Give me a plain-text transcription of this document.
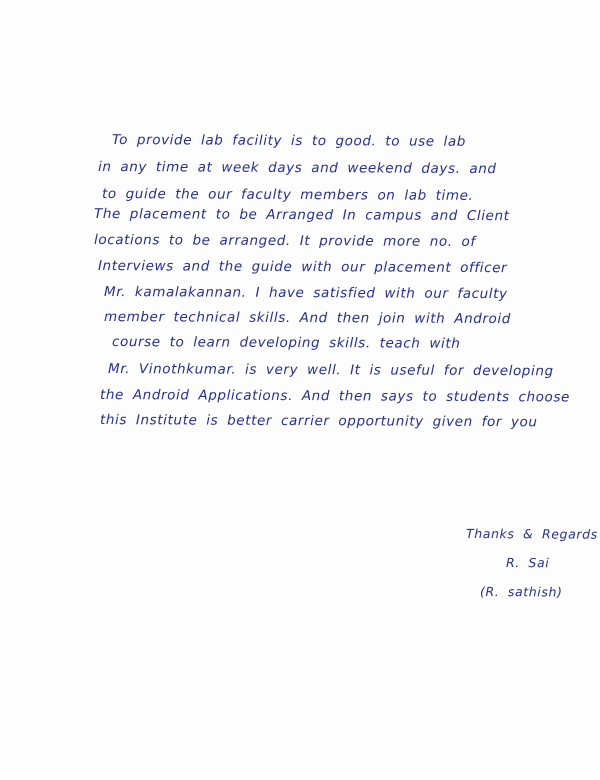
To provide lab facility is to good. to use lab
in any time at week days and weekend days. and
to guide the our faculty members on lab time.
The placement to be Arranged In campus and Client
locations to be arranged. It provide more no. of
Interviews and the guide with our placement officer
Mr. kamalakannan. I have satisfied with our faculty
member technical skills. And then join with Android
course to learn developing skills. teach with
Mr. Vinothkumar. is very well. It is useful for developing
the Android Applications. And then says to students choose
this Institute is better carrier opportunity given for you
Thanks & Regards
R. Sai
(R. sathish)
